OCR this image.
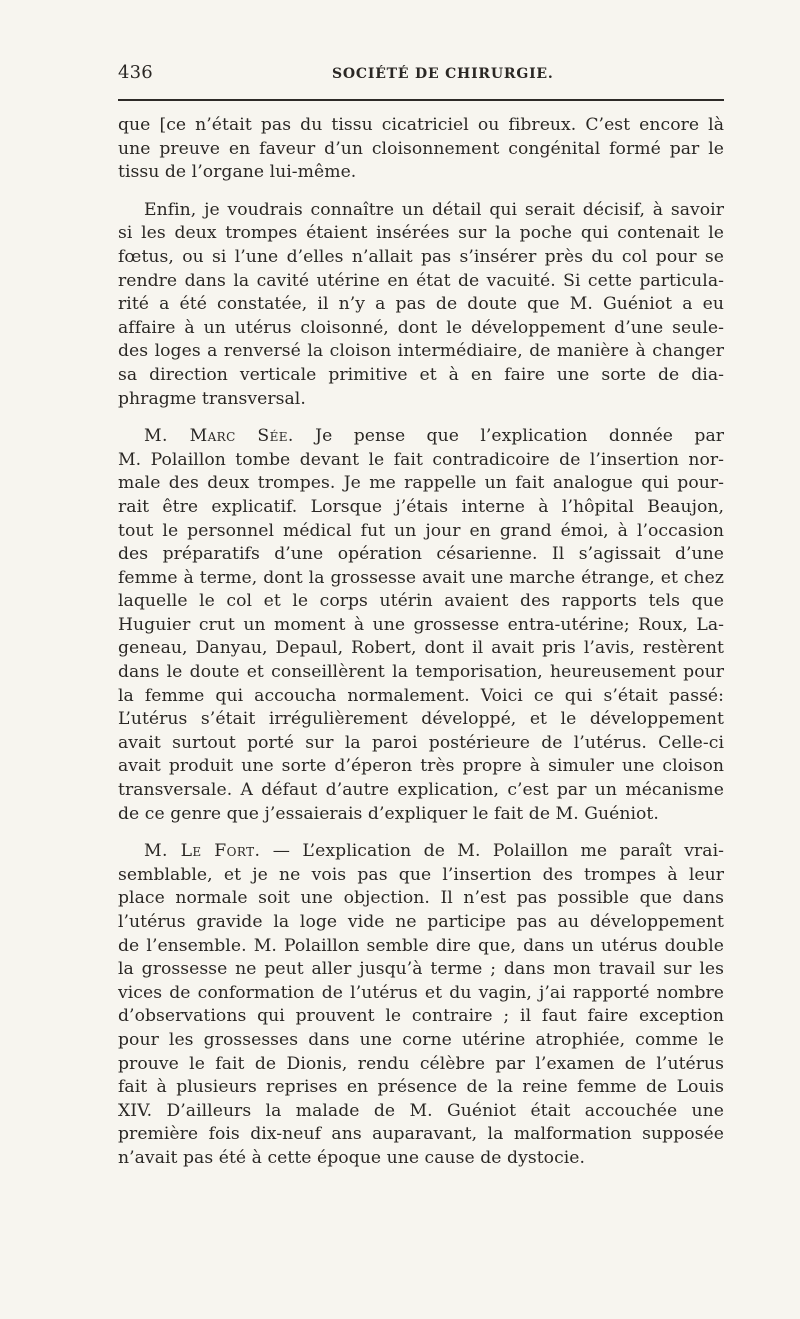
436	SOCIÉTÉ DE CHIRURGIE.

que [ce n’était pas du tissu cicatriciel ou fibreux. C’est encore là
une preuve en faveur d’un cloisonnement congénital formé par le
tissu de l’organe lui-même.

Enfin, je voudrais connaître un détail qui serait décisif, à savoir
si les deux trompes étaient insérées sur la poche qui contenait le
fœtus, ou si l’une d’elles n’allait pas s’insérer près du col pour se
rendre dans la cavité utérine en état de vacuité. Si cette particula-
rité a été constatée, il n’y a pas de doute que M. Guéniot a eu
affaire à un utérus cloisonné, dont le développement d’une seule-
des loges a renversé la cloison intermédiaire, de manière à changer
sa direction verticale primitive et à en faire une sorte de dia-
phragme transversal.

M. Marc Sée. Je pense que l’explication donnée par
M. Polaillon tombe devant le fait contradicoire de l’insertion nor-
male des deux trompes. Je me rappelle un fait analogue qui pour-
rait être explicatif. Lorsque j’étais interne à l’hôpital Beaujon,
tout le personnel médical fut un jour en grand émoi, à l’occasion
des préparatifs d’une opération césarienne. Il s’agissait d’une
femme à terme, dont la grossesse avait une marche étrange, et chez
laquelle le col et le corps utérin avaient des rapports tels que
Huguier crut un moment à une grossesse entra-utérine; Roux, La-
geneau, Danyau, Depaul, Robert, dont il avait pris l’avis, restèrent
dans le doute et conseillèrent la temporisation, heureusement pour
la femme qui accoucha normalement. Voici ce qui s’était passé:
L’utérus s’était irrégulièrement développé, et le développement
avait surtout porté sur la paroi postérieure de l’utérus. Celle-ci
avait produit une sorte d’éperon très propre à simuler une cloison
transversale. A défaut d’autre explication, c’est par un mécanisme
de ce genre que j’essaierais d’expliquer le fait de M. Guéniot.

M. Le Fort. — L’explication de M. Polaillon me paraît vrai-
semblable, et je ne vois pas que l’insertion des trompes à leur
place normale soit une objection. Il n’est pas possible que dans
l’utérus gravide la loge vide ne participe pas au développement
de l’ensemble. M. Polaillon semble dire que, dans un utérus double
la grossesse ne peut aller jusqu’à terme ; dans mon travail sur les
vices de conformation de l’utérus et du vagin, j’ai rapporté nombre
d’observations qui prouvent le contraire ; il faut faire exception
pour les grossesses dans une corne utérine atrophiée, comme le
prouve le fait de Dionis, rendu célèbre par l’examen de l’utérus
fait à plusieurs reprises en présence de la reine femme de Louis
XIV. D’ailleurs la malade de M. Guéniot était accouchée une
première fois dix-neuf ans auparavant, la malformation supposée
n’avait pas été à cette époque une cause de dystocie.
